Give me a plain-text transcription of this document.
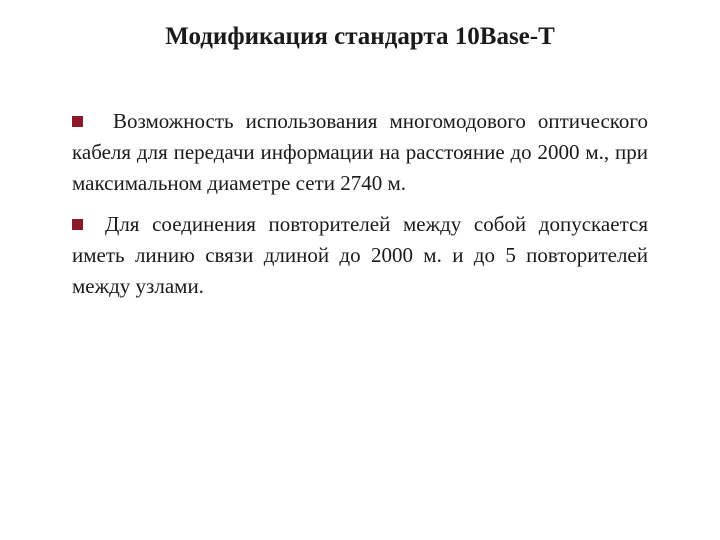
Модификация стандарта 10Base-T
Возможность использования многомодового оптического кабеля для передачи информации на расстояние до 2000 м., при максимальном диаметре сети 2740 м.
Для соединения повторителей между собой допускается иметь линию связи длиной до 2000 м. и до 5 повторителей между узлами.
